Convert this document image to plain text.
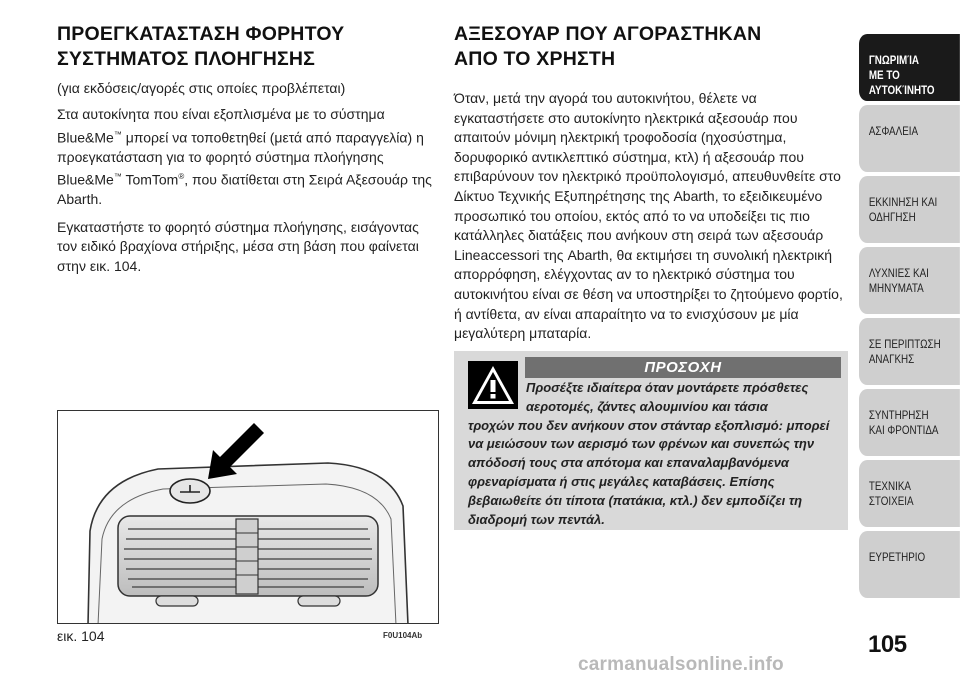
ΠΡΟΕΓΚΑΤΑΣΤΑΣΗ ΦΟΡΗΤΟΥ
ΣΥΣΤΗΜΑΤΟΣ ΠΛΟΗΓΗΣΗΣ
(για εκδόσεις/αγορές στις οποίες προβλέπεται)
Στα αυτοκίνητα που είναι εξοπλισμένα με το σύστημα Blue&Me™ μπορεί να τοποθετηθεί (μετά από παραγγελία) η προεγκατάσταση για το φορητό σύστημα πλοήγησης Blue&Me™ TomTom®, που διατίθεται στη Σειρά Αξεσουάρ της Abarth.
Εγκαταστήστε το φορητό σύστημα πλοήγησης, εισάγοντας τον ειδικό βραχίονα στήριξης, μέσα στη βάση που φαίνεται στην εικ. 104.
εικ. 104	F0U104Ab
ΑΞΕΣΟΥΑΡ ΠΟΥ ΑΓΟΡΑΣΤΗΚΑΝ
ΑΠΟ ΤΟ ΧΡΗΣΤΗ
Όταν, μετά την αγορά του αυτοκινήτου, θέλετε να εγκαταστήσετε στο αυτοκίνητο ηλεκτρικά αξεσουάρ που απαιτούν μόνιμη ηλεκτρική τροφοδοσία (ηχοσύστημα, δορυφορικό αντικλεπτικό σύστημα, κτλ) ή αξεσουάρ που επιβαρύνουν τον ηλεκτρικό προϋπολογισμό, απευθυνθείτε στο Δίκτυο Τεχνικής Εξυπηρέτησης της Abarth, το εξειδικευμένο προσωπικό του οποίου, εκτός από το να υποδείξει τις πιο κατάλληλες διατάξεις που ανήκουν στη σειρά των αξεσουάρ Lineaccessori της Abarth, θα εκτιμήσει τη συνολική ηλεκτρική απορρόφηση, ελέγχοντας αν το ηλεκτρικό σύστημα του αυτοκινήτου είναι σε θέση να υποστηρίξει το ζητούμενο φορτίο, ή αντίθετα, αν είναι απαραίτητο να το ενισχύσουν με μία μεγαλύτερη μπαταρία.
ΠΡΟΣΟΧΗ
Προσέξτε ιδιαίτερα όταν μοντάρετε πρόσθετες αεροτομές, ζάντες αλουμινίου και τάσια
τροχών που δεν ανήκουν στον στάνταρ εξοπλισμό: μπορεί να μειώσουν των αερισμό των φρένων και συνεπώς την απόδοσή τους στα απότομα και επαναλαμβανόμενα φρεναρίσματα ή στις μεγάλες καταβάσεις. Επίσης βεβαιωθείτε ότι τίποτα (πατάκια, κτλ.) δεν εμποδίζει τη διαδρομή των πεντάλ.
ΓΝΩΡΙΜΊΑ
ΜΕ ΤΟ
ΑΥΤΟΚΊΝΗΤΟ
ΑΣΦΑΛΕΙΑ
ΕΚΚΙΝΗΣΗ ΚΑΙ
ΟΔΗΓΗΣΗ
ΛΥΧΝΙΕΣ ΚΑΙ
ΜΗΝΥΜΑΤΑ
ΣΕ ΠΕΡΙΠΤΩΣΗ
ΑΝΑΓΚΗΣ
ΣΥΝΤΗΡΗΣΗ
ΚΑΙ ΦΡΟΝΤΙΔΑ
ΤΕΧΝΙΚΑ
ΣΤΟΙΧΕΙΑ
ΕΥΡΕΤΗΡΙΟ
105
carmanualsonline.info
